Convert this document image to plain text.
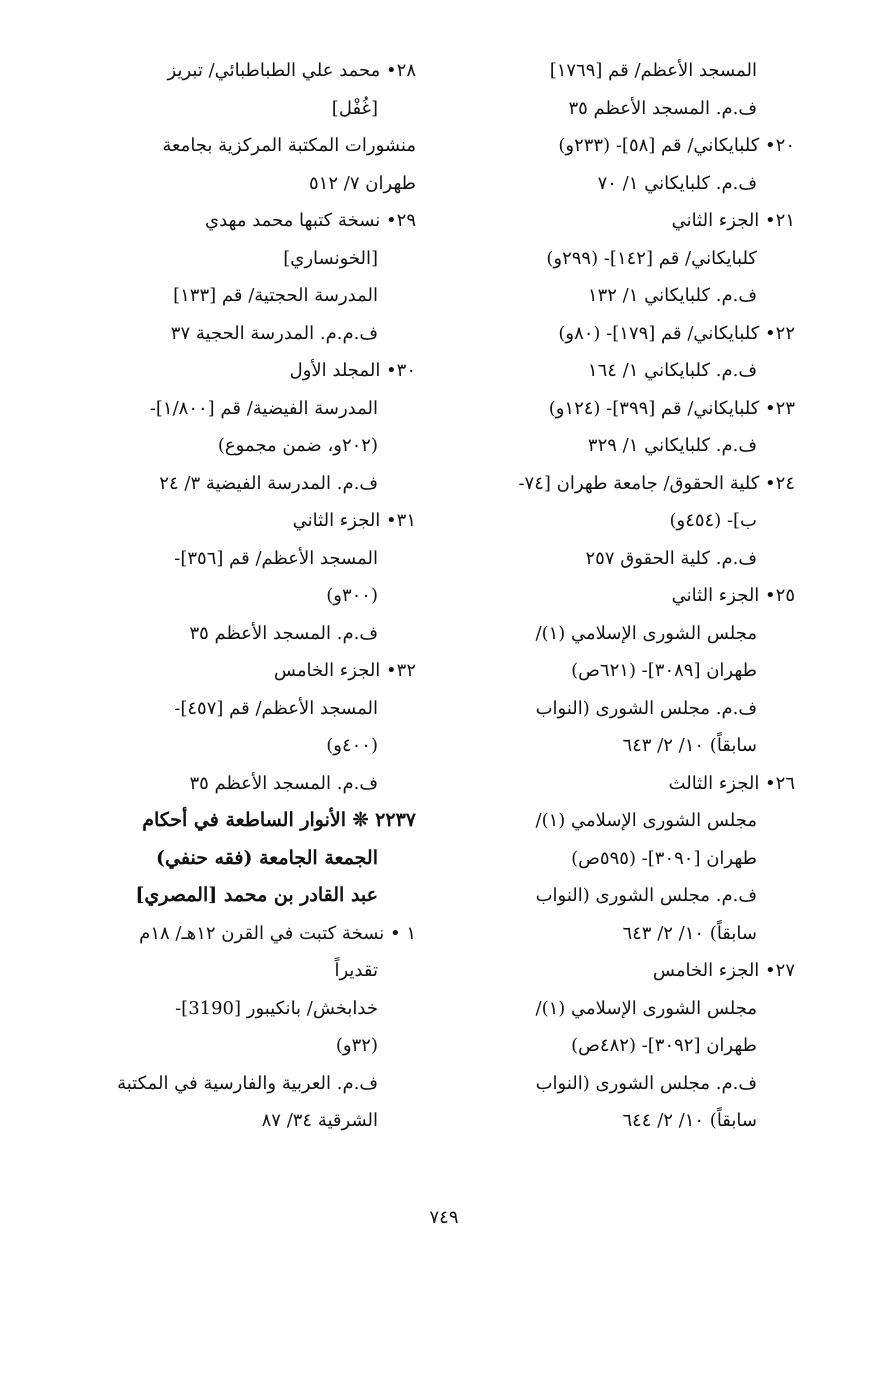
المسجد الأعظم/ قم [١٧٦٩]
ف.م. المسجد الأعظم ٣٥
٢٠• كلبايكاني/ قم [٥٨]- (٢٣٣و)
ف.م. كلبايكاني ١/ ٧٠
٢١• الجزء الثاني
كلبايكاني/ قم [١٤٢]- (٢٩٩و)
ف.م. كلبايكاني ١/ ١٣٢
٢٢• كلبايكاني/ قم [١٧٩]- (٨٠و)
ف.م. كلبايكاني ١/ ١٦٤
٢٣• كلبايكاني/ قم [٣٩٩]- (١٢٤و)
ف.م. كلبايكاني ١/ ٣٢٩
٢٤• كلية الحقوق/ جامعة طهران [٧٤-
ب]- (٤٥٤و)
ف.م. كلية الحقوق ٢٥٧
٢٥• الجزء الثاني
مجلس الشورى الإسلامي (١)/
طهران [٣٠٨٩]- (٦٢١ص)
ف.م. مجلس الشورى (النواب
سابقاً) ١٠/ ٢/ ٦٤٣
٢٦• الجزء الثالث
مجلس الشورى الإسلامي (١)/
طهران [٣٠٩٠]- (٥٩٥ص)
ف.م. مجلس الشورى (النواب
سابقاً) ١٠/ ٢/ ٦٤٣
٢٧• الجزء الخامس
مجلس الشورى الإسلامي (١)/
طهران [٣٠٩٢]- (٤٨٢ص)
ف.م. مجلس الشورى (النواب
سابقاً) ١٠/ ٢/ ٦٤٤
٢٨• محمد علي الطباطبائي/ تبريز
[غُفْل]
منشورات المكتبة المركزية بجامعة
طهران ٧/ ٥١٢
٢٩• نسخة كتبها محمد مهدي
[الخونساري]
المدرسة الحجتية/ قم [١٣٣]
ف.م.م. المدرسة الحجية ٣٧
٣٠• المجلد الأول
المدرسة الفيضية/ قم [١/٨٠٠]-
(٢٠٢و، ضمن مجموع)
ف.م. المدرسة الفيضية ٣/ ٢٤
٣١• الجزء الثاني
المسجد الأعظم/ قم [٣٥٦]-
(٣٠٠و)
ف.م. المسجد الأعظم ٣٥
٣٢• الجزء الخامس
المسجد الأعظم/ قم [٤٥٧]-
(٤٠٠و)
ف.م. المسجد الأعظم ٣٥
٢٢٣٧ ❊ الأنوار الساطعة في أحكام
الجمعة الجامعة (فقه حنفي)
عبد القادر بن محمد [المصري]
١ • نسخة كتبت في القرن ١٢هـ/ ١٨م
تقديراً
خدابخش/ بانكيبور [3190]-
(٣٢و)
ف.م. العربية والفارسية في المكتبة
الشرقية ٣٤/ ٨٧
٧٤٩
